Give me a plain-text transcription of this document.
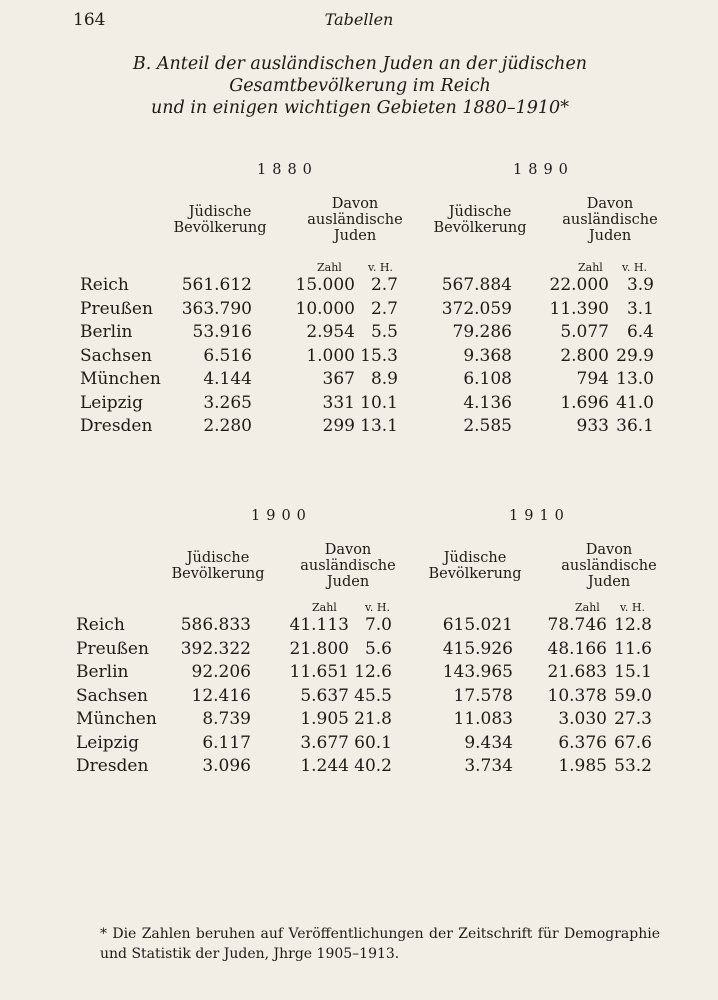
164	Tabellen
B. Anteil der ausländischen Juden an der jüdischen
Gesamtbevölkerung im Reich
und in einigen wichtigen Gebieten 1880–1910*
1880	1890
Jüdische
Bevölkerung
Davon
ausländische
Juden
Jüdische
Bevölkerung
Davon
ausländische
Juden
Zahl v. H.	Zahl v. H.
Reich	561.612	15.000 2.7	567.884 22.000 3.9
Preußen 363.790	10.000 2.7	372.059 11.390 3.1
Berlin	53.916	2.954 5.5	79.286	5.077 6.4
Sachsen	6.516	1.000 15.3	9.368	2.800 29.9
München	4.144	367 8.9	6.108	794 13.0
Leipzig	3.265	331 10.1	4.136	1.696 41.0
Dresden	2.280	299 13.1	2.585	933 36.1
1900	1910
Jüdische
Bevölkerung
Davon
ausländische
Juden
Jüdische
Bevölkerung
Davon
ausländische
Juden
Zahl	v. H.	Zahl v. H.
Reich	586.833 41.113 7.0	615.021 78.746 12.8
Preußen 392.322 21.800 5.6	415.926 48.166 11.6
Berlin	92.206 11.651 12.6	143.965 21.683 15.1
Sachsen	12.416	5.637 45.5	17.578 10.378 59.0
München	8.739	1.905 21.8	11.083	3.030 27.3
Leipzig	6.117	3.677 60.1	9.434	6.376 67.6
Dresden	3.096	1.244 40.2	3.734	1.985 53.2
* Die Zahlen beruhen auf Veröffentlichungen der Zeitschrift für Demographie und Statistik der Juden, Jhrge 1905–1913.
